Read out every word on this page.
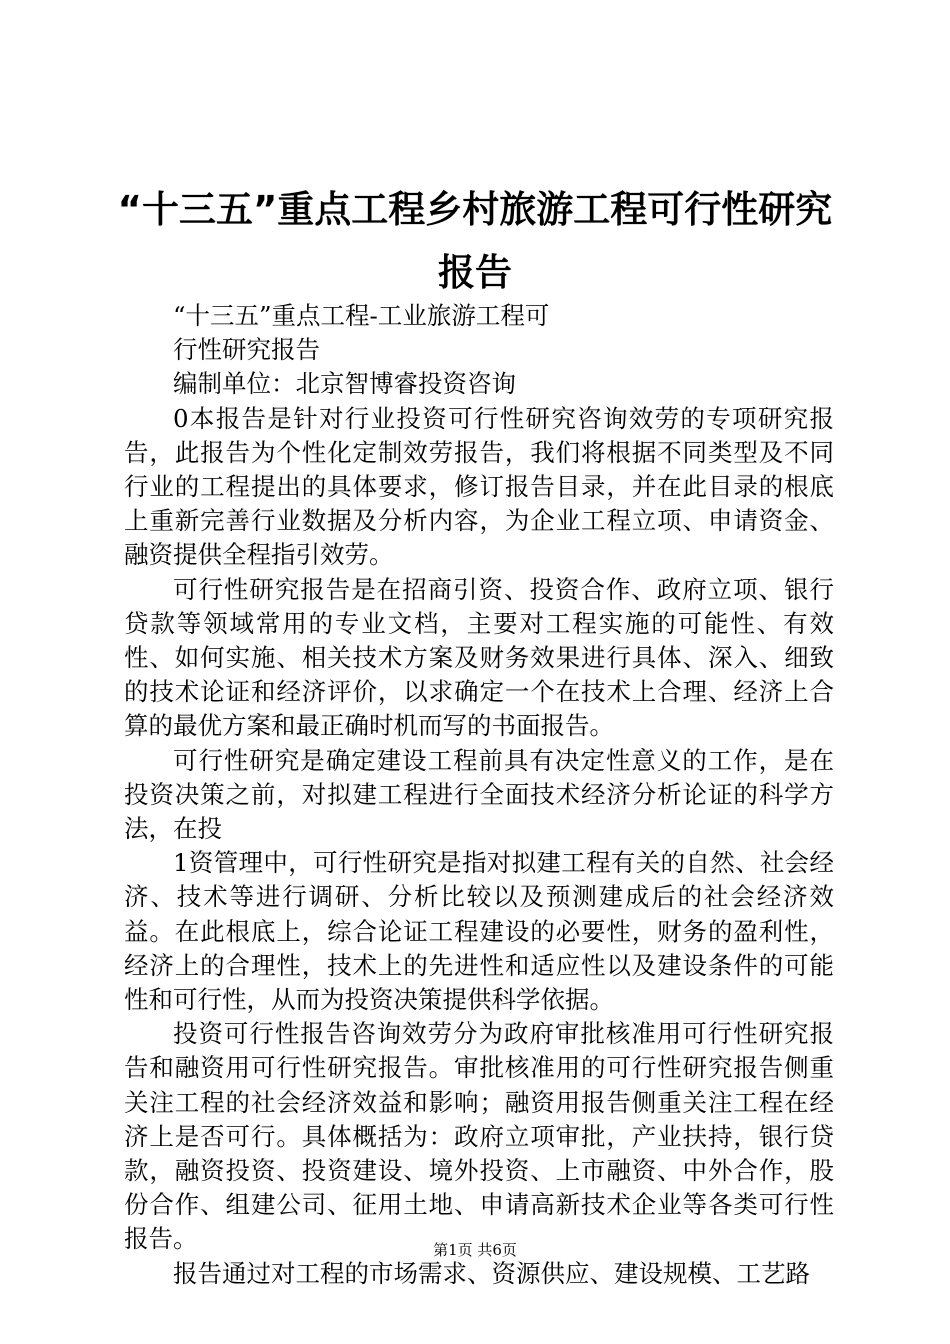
“十三五”重点工程乡村旅游工程可行性研究报告

“十三五”重点工程-工业旅游工程可

行性研究报告

编制单位：北京智博睿投资咨询

0本报告是针对行业投资可行性研究咨询效劳的专项研究报告，此报告为个性化定制效劳报告，我们将根据不同类型及不同行业的工程提出的具体要求，修订报告目录，并在此目录的根底上重新完善行业数据及分析内容，为企业工程立项、申请资金、融资提供全程指引效劳。

可行性研究报告是在招商引资、投资合作、政府立项、银行贷款等领域常用的专业文档，主要对工程实施的可能性、有效性、如何实施、相关技术方案及财务效果进行具体、深入、细致的技术论证和经济评价，以求确定一个在技术上合理、经济上合算的最优方案和最正确时机而写的书面报告。

可行性研究是确定建设工程前具有决定性意义的工作，是在投资决策之前，对拟建工程进行全面技术经济分析论证的科学方法，在投

1资管理中，可行性研究是指对拟建工程有关的自然、社会经济、技术等进行调研、分析比较以及预测建成后的社会经济效益。在此根底上，综合论证工程建设的必要性，财务的盈利性，经济上的合理性，技术上的先进性和适应性以及建设条件的可能性和可行性，从而为投资决策提供科学依据。

投资可行性报告咨询效劳分为政府审批核准用可行性研究报告和融资用可行性研究报告。审批核准用的可行性研究报告侧重关注工程的社会经济效益和影响；融资用报告侧重关注工程在经济上是否可行。具体概括为：政府立项审批，产业扶持，银行贷款，融资投资、投资建设、境外投资、上市融资、中外合作，股份合作、组建公司、征用土地、申请高新技术企业等各类可行性报告。

报告通过对工程的市场需求、资源供应、建设规模、工艺路

第1页 共6页
